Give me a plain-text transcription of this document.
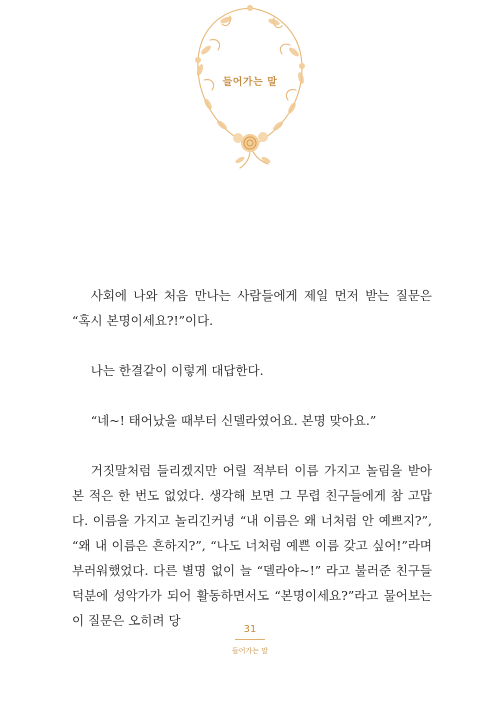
들어가는 말

사회에 나와 처음 만나는 사람들에게 제일 먼저 받는 질문은 “혹시 본명이세요?!”이다.

나는 한결같이 이렇게 대답한다.

“네~! 태어났을 때부터 신델라였어요. 본명 맞아요.”

거짓말처럼 들리겠지만 어릴 적부터 이름 가지고 놀림을 받아본 적은 한 번도 없었다. 생각해 보면 그 무렵 친구들에게 참 고맙다. 이름을 가지고 놀리긴커녕 “내 이름은 왜 너처럼 안 예쁘지?”, “왜 내 이름은 흔하지?”, “나도 너처럼 예쁜 이름 갖고 싶어!”라며 부러워했었다. 다른 별명 없이 늘 “델라야~!” 라고 불러준 친구들 덕분에 성악가가 되어 활동하면서도 “본명이세요?”라고 물어보는 이 질문은 오히려 당

31
들어가는 말
